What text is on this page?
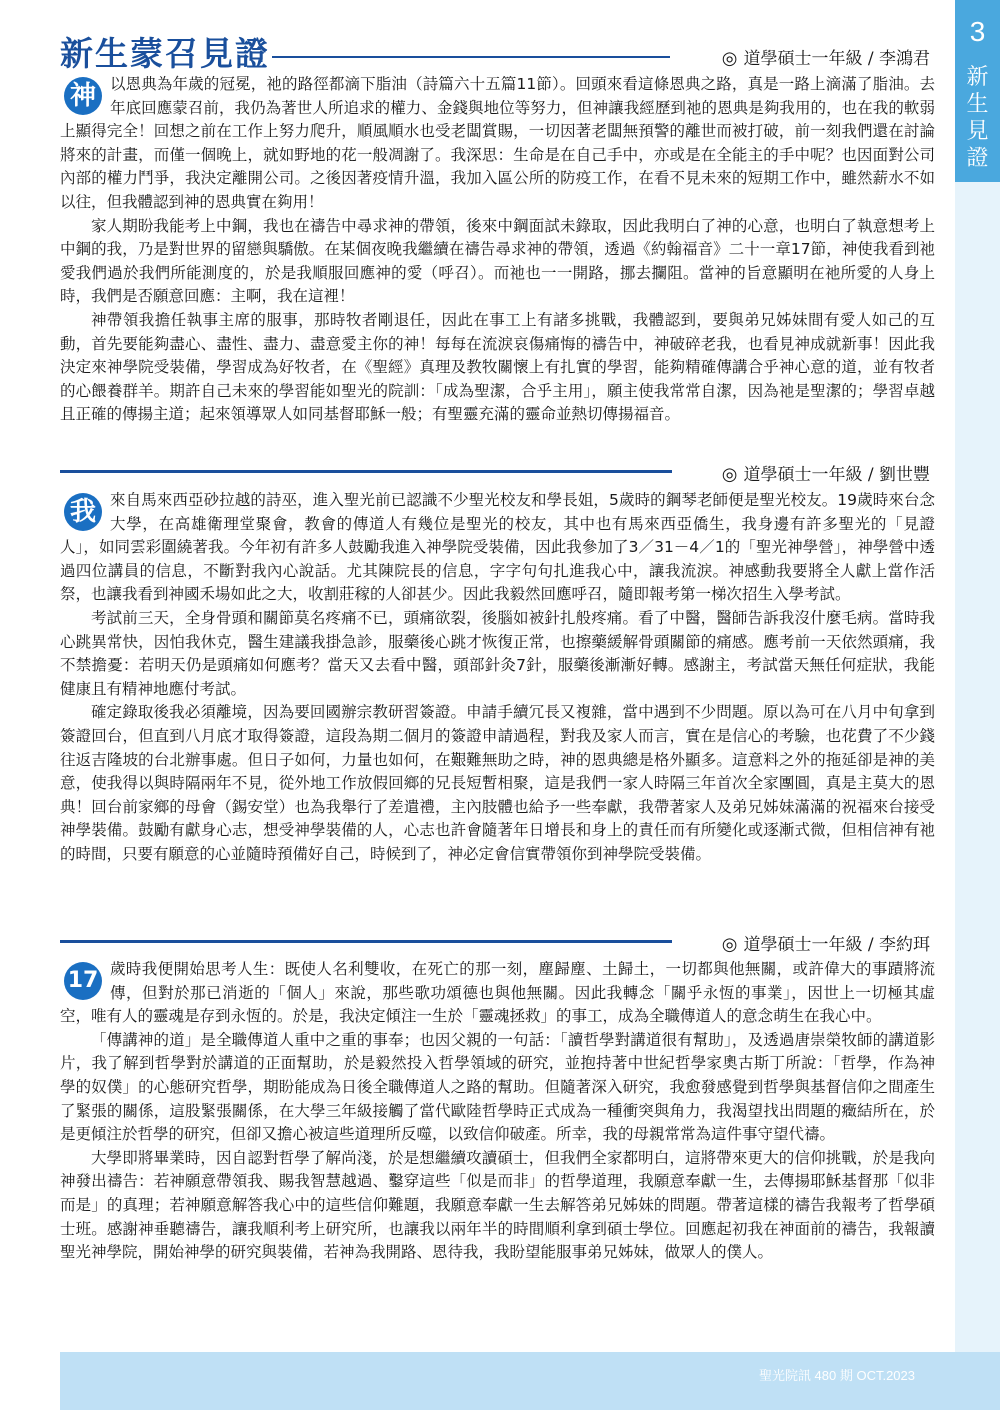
新生蒙召見證
3
新生見證
◎ 道學碩士一年級 / 李鴻君
神 以恩典為年歲的冠冕，祂的路徑都滴下脂油（詩篇六十五篇11節）。回頭來看這條恩典之路，真是一路上滴滿了脂油。去年底回應蒙召前，我仍為著世人所追求的權力、金錢與地位等努力，但神讓我經歷到祂的恩典是夠我用的，也在我的軟弱上顯得完全！回想之前在工作上努力爬升，順風順水也受老闆賞賜，一切因著老闆無預警的離世而被打破，前一刻我們還在討論將來的計畫，而僅一個晚上，就如野地的花一般凋謝了。我深思：生命是在自己手中，亦或是在全能主的手中呢？也因面對公司內部的權力鬥爭，我決定離開公司。之後因著疫情升溫，我加入區公所的防疫工作，在看不見未來的短期工作中，雖然薪水不如以往，但我體認到神的恩典實在夠用！

家人期盼我能考上中鋼，我也在禱告中尋求神的帶領，後來中鋼面試未錄取，因此我明白了神的心意，也明白了執意想考上中鋼的我，乃是對世界的留戀與驕傲。在某個夜晚我繼續在禱告尋求神的帶領，透過《約翰福音》二十一章17節，神使我看到祂愛我們過於我們所能測度的，於是我順服回應神的愛（呼召）。而祂也一一開路，挪去攔阻。當神的旨意顯明在祂所愛的人身上時，我們是否願意回應：主啊，我在這裡！

神帶領我擔任執事主席的服事，那時牧者剛退任，因此在事工上有諸多挑戰，我體認到，要與弟兄姊妹間有愛人如己的互動，首先要能夠盡心、盡性、盡力、盡意愛主你的神！每每在流淚哀傷痛悔的禱告中，神破碎老我，也看見神成就新事！因此我決定來神學院受裝備，學習成為好牧者，在《聖經》真理及教牧關懷上有扎實的學習，能夠精確傳講合乎神心意的道，並有牧者的心餵養群羊。期許自己未來的學習能如聖光的院訓：「成為聖潔，合乎主用」，願主使我常常自潔，因為祂是聖潔的；學習卓越且正確的傳揚主道；起來領導眾人如同基督耶穌一般；有聖靈充滿的靈命並熱切傳揚福音。

◎ 道學碩士一年級 / 劉世豐
我 來自馬來西亞砂拉越的詩巫，進入聖光前已認識不少聖光校友和學長姐，5歲時的鋼琴老師便是聖光校友。19歲時來台念大學，在高雄衛理堂聚會，教會的傳道人有幾位是聖光的校友，其中也有馬來西亞僑生，我身邊有許多聖光的「見證人」，如同雲彩圍繞著我。今年初有許多人鼓勵我進入神學院受裝備，因此我參加了3／31－4／1的「聖光神學營」，神學營中透過四位講員的信息，不斷對我內心說話。尤其陳院長的信息，字字句句扎進我心中，讓我流淚。神感動我要將全人獻上當作活祭，也讓我看到神國禾場如此之大，收割莊稼的人卻甚少。因此我毅然回應呼召，隨即報考第一梯次招生入學考試。

考試前三天，全身骨頭和關節莫名疼痛不已，頭痛欲裂，後腦如被針扎般疼痛。看了中醫，醫師告訴我沒什麼毛病。當時我心跳異常快，因怕我休克，醫生建議我掛急診，服藥後心跳才恢復正常，也擦藥緩解骨頭關節的痛感。應考前一天依然頭痛，我不禁擔憂：若明天仍是頭痛如何應考？當天又去看中醫，頭部針灸7針，服藥後漸漸好轉。感謝主，考試當天無任何症狀，我能健康且有精神地應付考試。

確定錄取後我必須離境，因為要回國辦宗教研習簽證。申請手續冗長又複雜，當中遇到不少問題。原以為可在八月中旬拿到簽證回台，但直到八月底才取得簽證，這段為期二個月的簽證申請過程，對我及家人而言，實在是信心的考驗，也花費了不少錢往返吉隆坡的台北辦事處。但日子如何，力量也如何，在艱難無助之時，神的恩典總是格外顯多。這意料之外的拖延卻是神的美意，使我得以與時隔兩年不見，從外地工作放假回鄉的兄長短暫相聚，這是我們一家人時隔三年首次全家團圓，真是主莫大的恩典！回台前家鄉的母會（錫安堂）也為我舉行了差遣禮，主內肢體也給予一些奉獻，我帶著家人及弟兄姊妹滿滿的祝福來台接受神學裝備。鼓勵有獻身心志，想受神學裝備的人，心志也許會隨著年日增長和身上的責任而有所變化或逐漸式微，但相信神有祂的時間，只要有願意的心並隨時預備好自己，時候到了，神必定會信實帶領你到神學院受裝備。

◎ 道學碩士一年級 / 李約珥
17 歲時我便開始思考人生：既使人名利雙收，在死亡的那一刻，塵歸塵、土歸土，一切都與他無關，或許偉大的事蹟將流傳，但對於那已消逝的「個人」來說，那些歌功頌德也與他無關。因此我轉念「關乎永恆的事業」，因世上一切極其虛空，唯有人的靈魂是存到永恆的。於是，我決定傾注一生於「靈魂拯救」的事工，成為全職傳道人的意念萌生在我心中。

「傳講神的道」是全職傳道人重中之重的事奉；也因父親的一句話：「讀哲學對講道很有幫助」，及透過唐崇榮牧師的講道影片，我了解到哲學對於講道的正面幫助，於是毅然投入哲學領域的研究，並抱持著中世紀哲學家奧古斯丁所說：「哲學，作為神學的奴僕」的心態研究哲學，期盼能成為日後全職傳道人之路的幫助。但隨著深入研究，我愈發感覺到哲學與基督信仰之間產生了緊張的關係，這股緊張關係，在大學三年級接觸了當代歐陸哲學時正式成為一種衝突與角力，我渴望找出問題的癥結所在，於是更傾注於哲學的研究，但卻又擔心被這些道理所反噬，以致信仰破產。所幸，我的母親常常為這件事守望代禱。

大學即將畢業時，因自認對哲學了解尚淺，於是想繼續攻讀碩士，但我們全家都明白，這將帶來更大的信仰挑戰，於是我向神發出禱告：若神願意帶領我、賜我智慧越過、鑿穿這些「似是而非」的哲學道理，我願意奉獻一生，去傳揚耶穌基督那「似非而是」的真理；若神願意解答我心中的這些信仰難題，我願意奉獻一生去解答弟兄姊妹的問題。帶著這樣的禱告我報考了哲學碩士班。感謝神垂聽禱告，讓我順利考上研究所，也讓我以兩年半的時間順利拿到碩士學位。回應起初我在神面前的禱告，我報讀聖光神學院，開始神學的研究與裝備，若神為我開路、恩待我，我盼望能服事弟兄姊妹，做眾人的僕人。

聖光院訊 480 期 OCT.2023
